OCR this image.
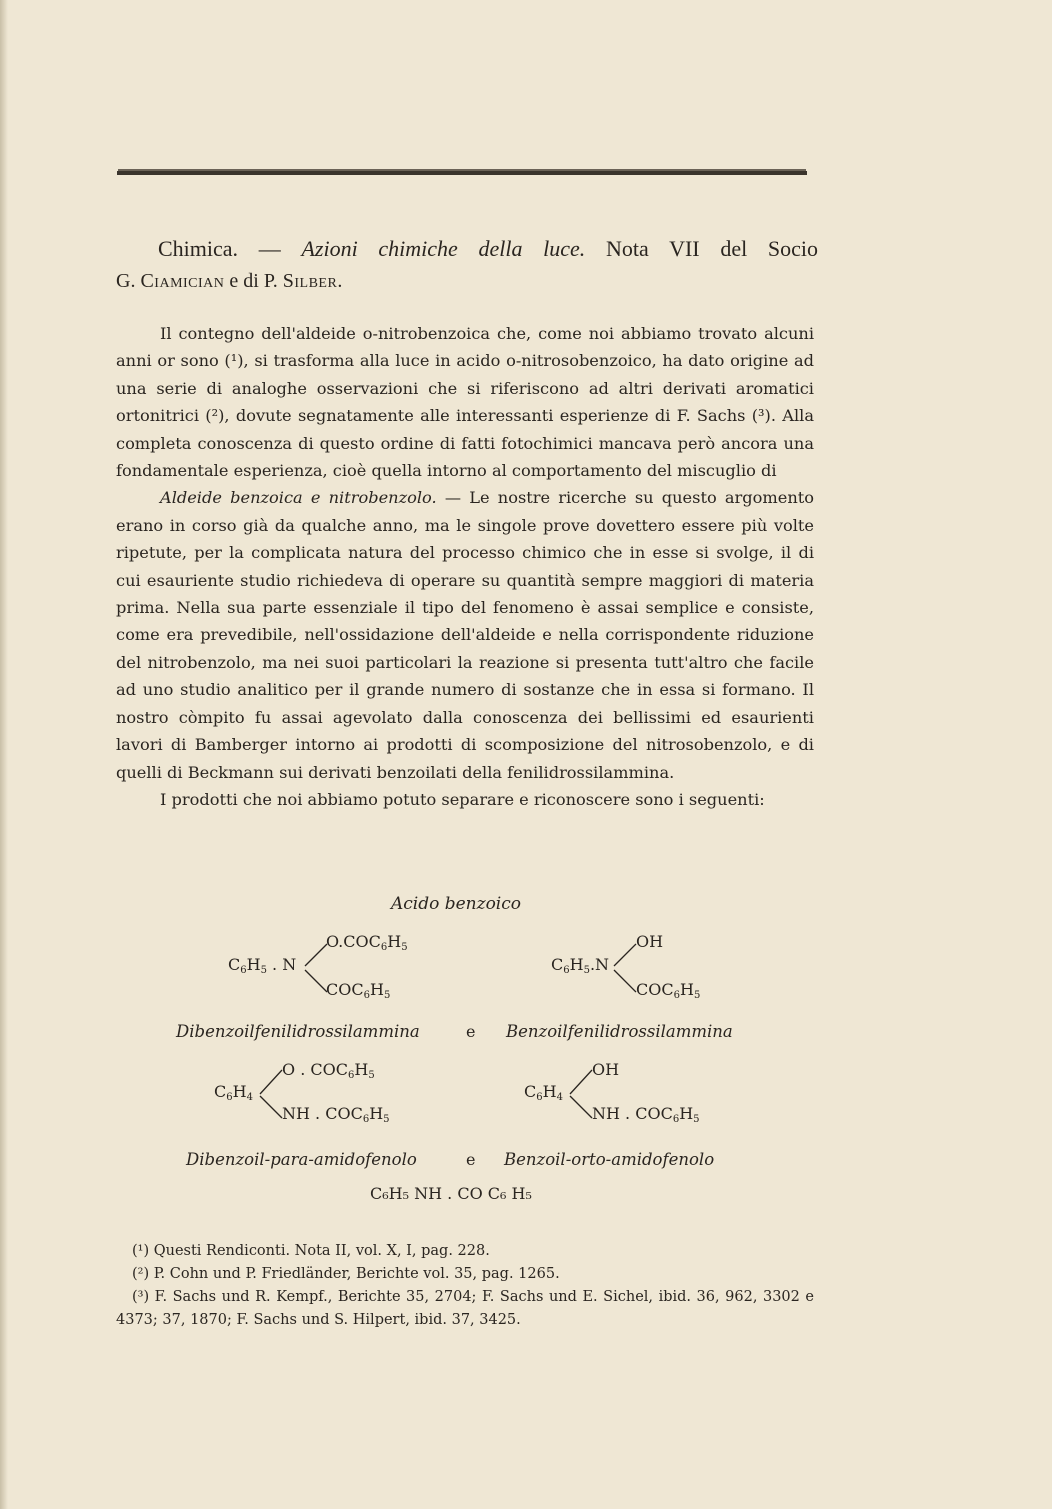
Chimica. — Azioni chimiche della luce. Nota VII del Socio
G. Ciamician e di P. Silber.

Il contegno dell'aldeide o-nitrobenzoica che, come noi abbiamo trovato alcuni anni or sono (¹), si trasforma alla luce in acido o-nitrosobenzoico, ha dato origine ad una serie di analoghe osservazioni che si riferiscono ad altri derivati aromatici ortonitrici (²), dovute segnatamente alle interessanti esperienze di F. Sachs (³). Alla completa conoscenza di questo ordine di fatti fotochimici mancava però ancora una fondamentale esperienza, cioè quella intorno al comportamento del miscuglio di

Aldeide benzoica e nitrobenzolo. — Le nostre ricerche su questo argomento erano in corso già da qualche anno, ma le singole prove dovettero essere più volte ripetute, per la complicata natura del processo chimico che in esse si svolge, il di cui esauriente studio richiedeva di operare su quantità sempre maggiori di materia prima. Nella sua parte essenziale il tipo del fenomeno è assai semplice e consiste, come era prevedibile, nell'ossidazione dell'aldeide e nella corrispondente riduzione del nitrobenzolo, ma nei suoi particolari la reazione si presenta tutt'altro che facile ad uno studio analitico per il grande numero di sostanze che in essa si formano. Il nostro còmpito fu assai agevolato dalla conoscenza dei bellissimi ed esaurienti lavori di Bamberger intorno ai prodotti di scomposizione del nitrosobenzolo, e di quelli di Beckmann sui derivati benzoilati della fenilidrossilammina.

I prodotti che noi abbiamo potuto separare e riconoscere sono i seguenti:

Acido benzoico
$C_6H_5$ . N
$O.COC_6H_5$
$COC_6H_5$
$C_6H_5.N$
OH
$COC_6H_5$
Dibenzoilfenilidrossilammina	e Benzoilfenilidrossilammina
$C_6H_4$
O . $COC_6H_5$
NH . $COC_6H_5$
$C_6H_4$
OH
NH . $COC_6H_5$
Dibenzoil-para-amidofenolo	e Benzoil-orto-amidofenolo
C₆H₅ NH . CO C₆ H₅

(¹) Questi Rendiconti. Nota II, vol. X, I, pag. 228.

(²) P. Cohn und P. Friedländer, Berichte vol. 35, pag. 1265.

(³) F. Sachs und R. Kempf., Berichte 35, 2704; F. Sachs und E. Sichel, ibid. 36, 962, 3302 e 4373; 37, 1870; F. Sachs und S. Hilpert, ibid. 37, 3425.
